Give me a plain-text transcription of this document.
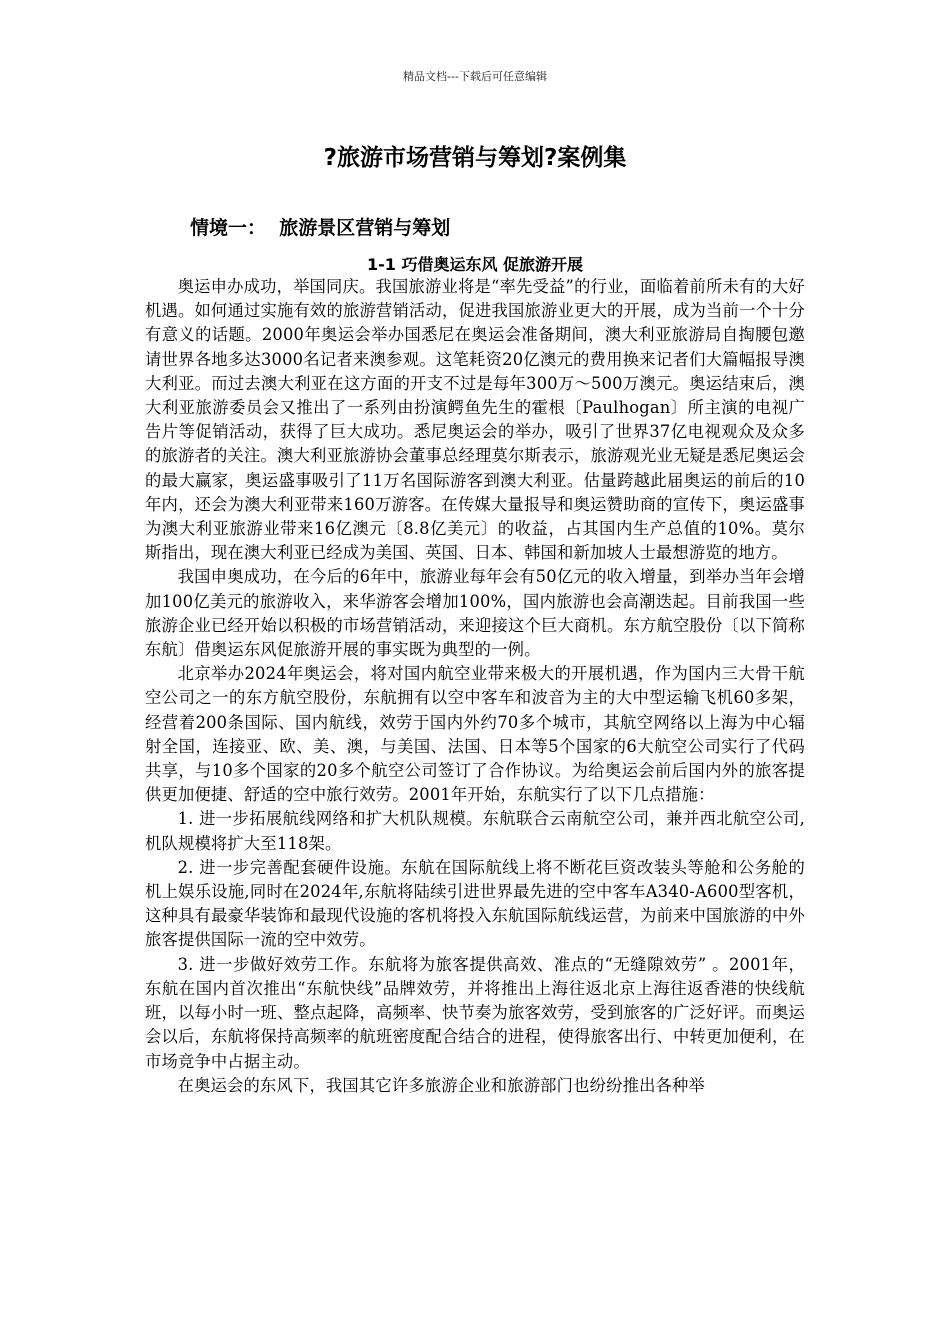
精品文档---下载后可任意编辑
?旅游市场营销与筹划?案例集
情境一：  旅游景区营销与筹划
1-1 巧借奥运东风 促旅游开展

奥运申办成功，举国同庆。我国旅游业将是“率先受益”的行业，面临着前所未有的大好机遇。如何通过实施有效的旅游营销活动，促进我国旅游业更大的开展，成为当前一个十分有意义的话题。2000年奥运会举办国悉尼在奥运会准备期间，澳大利亚旅游局自掏腰包邀请世界各地多达3000名记者来澳参观。这笔耗资20亿澳元的费用换来记者们大篇幅报导澳大利亚。而过去澳大利亚在这方面的开支不过是每年300万～500万澳元。奥运结束后，澳大利亚旅游委员会又推出了一系列由扮演鳄鱼先生的霍根〔Paulhogan〕所主演的电视广告片等促销活动，获得了巨大成功。悉尼奥运会的举办，吸引了世界37亿电视观众及众多的旅游者的关注。澳大利亚旅游协会董事总经理莫尔斯表示，旅游观光业无疑是悉尼奥运会的最大赢家，奥运盛事吸引了11万名国际游客到澳大利亚。估量跨越此届奥运的前后的10年内，还会为澳大利亚带来160万游客。在传媒大量报导和奥运赞助商的宣传下，奥运盛事为澳大利亚旅游业带来16亿澳元〔8.8亿美元〕的收益，占其国内生产总值的10%。莫尔斯指出，现在澳大利亚已经成为美国、英国、日本、韩国和新加坡人士最想游览的地方。

我国申奥成功，在今后的6年中，旅游业每年会有50亿元的收入增量，到举办当年会增加100亿美元的旅游收入，来华游客会增加100%，国内旅游也会高潮迭起。目前我国一些旅游企业已经开始以积极的市场营销活动，来迎接这个巨大商机。东方航空股份〔以下简称东航〕借奥运东风促旅游开展的事实既为典型的一例。

北京举办2024年奥运会，将对国内航空业带来极大的开展机遇，作为国内三大骨干航空公司之一的东方航空股份，东航拥有以空中客车和波音为主的大中型运输飞机60多架，经营着200条国际、国内航线，效劳于国内外约70多个城市，其航空网络以上海为中心辐射全国，连接亚、欧、美、澳，与美国、法国、日本等5个国家的6大航空公司实行了代码共享，与10多个国家的20多个航空公司签订了合作协议。为给奥运会前后国内外的旅客提供更加便捷、舒适的空中旅行效劳。2001年开始，东航实行了以下几点措施：

1. 进一步拓展航线网络和扩大机队规模。东航联合云南航空公司，兼并西北航空公司,机队规模将扩大至118架。

2. 进一步完善配套硬件设施。东航在国际航线上将不断花巨资改装头等舱和公务舱的机上娱乐设施,同时在2024年,东航将陆续引进世界最先进的空中客车A340-A600型客机，这种具有最豪华装饰和最现代设施的客机将投入东航国际航线运营，为前来中国旅游的中外旅客提供国际一流的空中效劳。

3. 进一步做好效劳工作。东航将为旅客提供高效、准点的“无缝隙效劳” 。2001年，东航在国内首次推出“东航快线”品牌效劳，并将推出上海往返北京上海往返香港的快线航班，以每小时一班、整点起降，高频率、快节奏为旅客效劳，受到旅客的广泛好评。而奥运会以后，东航将保持高频率的航班密度配合结合的进程，使得旅客出行、中转更加便利，在市场竞争中占据主动。

在奥运会的东风下，我国其它许多旅游企业和旅游部门也纷纷推出各种举
